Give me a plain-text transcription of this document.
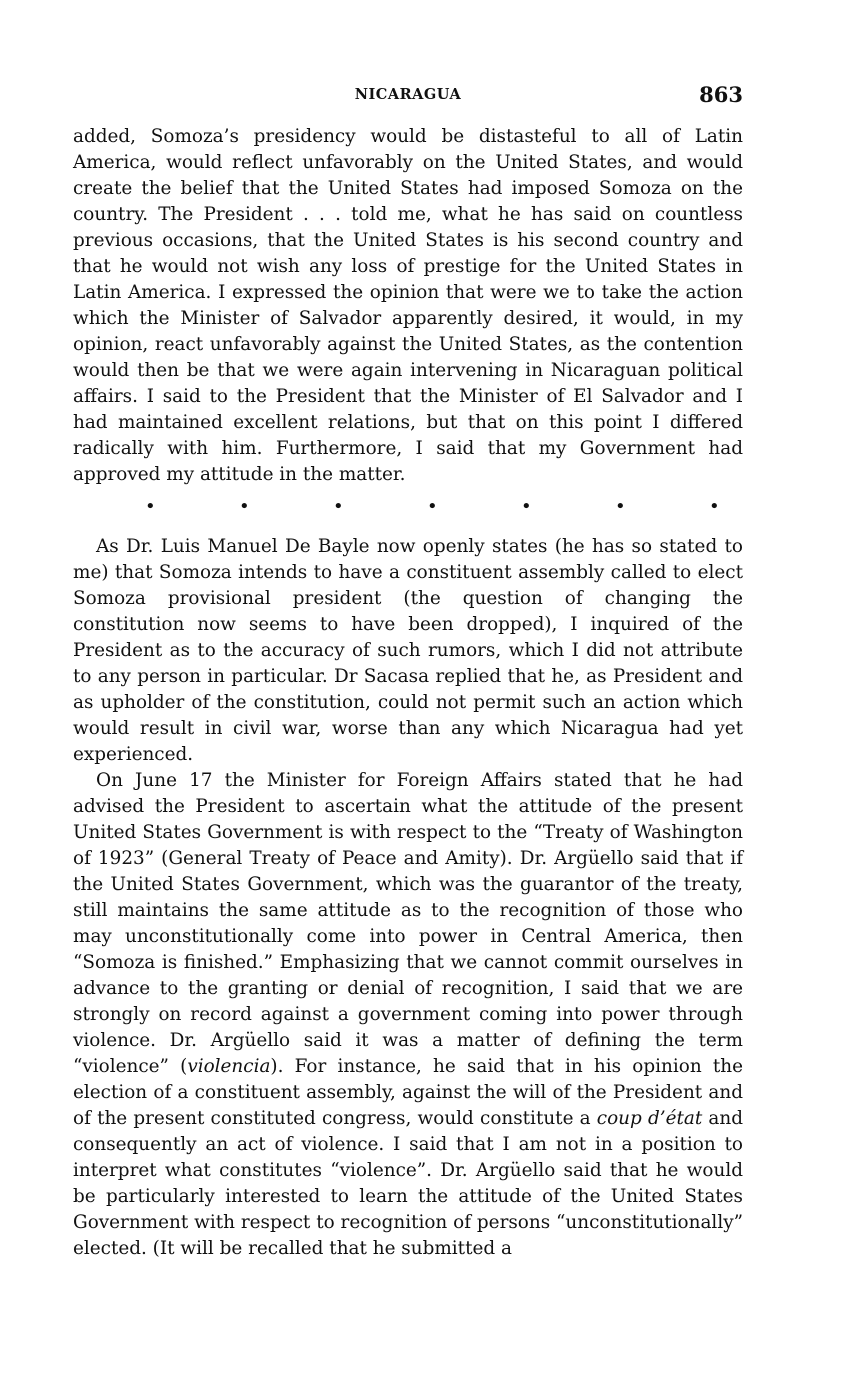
NICARAGUA	863

added, Somoza’s presidency would be distasteful to all of Latin America, would reflect unfavorably on the United States, and would create the belief that the United States had imposed Somoza on the country. The President . . . told me, what he has said on countless previous occasions, that the United States is his second country and that he would not wish any loss of prestige for the United States in Latin America. I expressed the opinion that were we to take the action which the Minister of Salvador apparently desired, it would, in my opinion, react unfavorably against the United States, as the contention would then be that we were again intervening in Nicaraguan political affairs. I said to the President that the Minister of El Salvador and I had maintained excellent relations, but that on this point I differed radically with him. Furthermore, I said that my Government had approved my attitude in the matter.

•	•	•	•	•	•	•

As Dr. Luis Manuel De Bayle now openly states (he has so stated to me) that Somoza intends to have a constituent assembly called to elect Somoza provisional president (the question of changing the constitution now seems to have been dropped), I inquired of the President as to the accuracy of such rumors, which I did not attribute to any person in particular. Dr Sacasa replied that he, as President and as upholder of the constitution, could not permit such an action which would result in civil war, worse than any which Nicaragua had yet experienced.

On June 17 the Minister for Foreign Affairs stated that he had advised the President to ascertain what the attitude of the present United States Government is with respect to the “Treaty of Washington of 1923” (General Treaty of Peace and Amity). Dr. Argüello said that if the United States Government, which was the guarantor of the treaty, still maintains the same attitude as to the recognition of those who may unconstitutionally come into power in Central America, then “Somoza is finished.” Emphasizing that we cannot commit ourselves in advance to the granting or denial of recognition, I said that we are strongly on record against a government coming into power through violence. Dr. Argüello said it was a matter of defining the term “violence” (violencia). For instance, he said that in his opinion the election of a constituent assembly, against the will of the President and of the present constituted congress, would constitute a coup d’état and consequently an act of violence. I said that I am not in a position to interpret what constitutes “violence”. Dr. Argüello said that he would be particularly interested to learn the attitude of the United States Government with respect to recognition of persons “unconstitutionally” elected. (It will be recalled that he submitted a
